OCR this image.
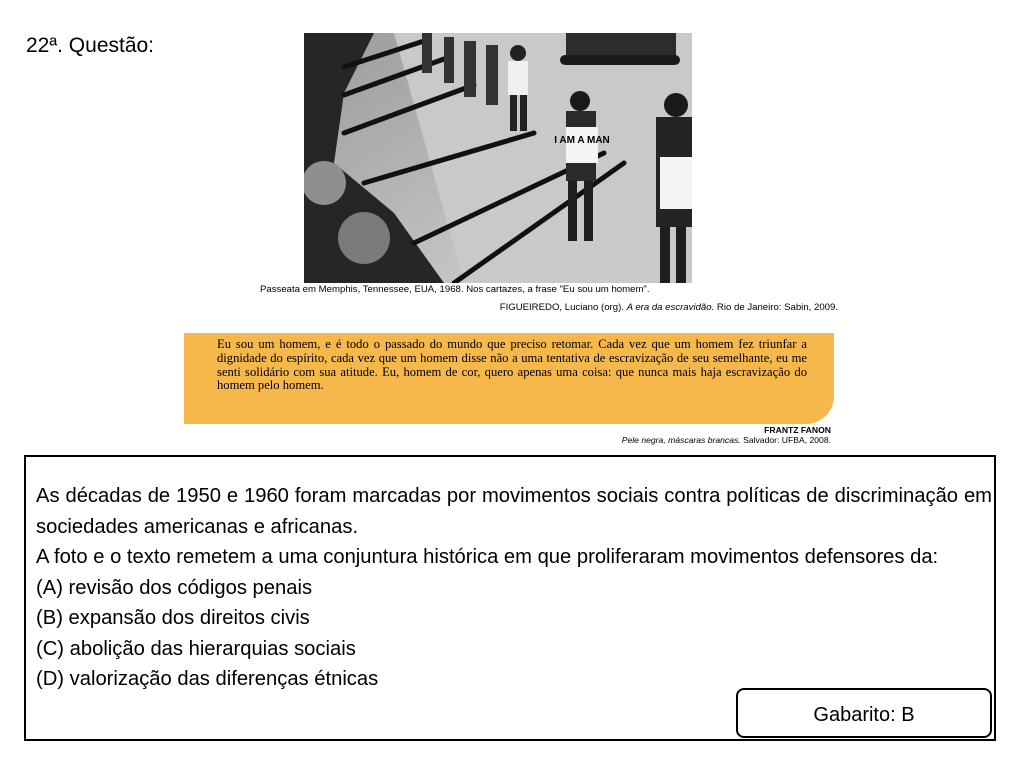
22ª. Questão:
I AM A MAN
Passeata em Memphis, Tennessee, EUA, 1968. Nos cartazes, a frase "Eu sou um homem".
FIGUEIREDO, Luciano (org). A era da escravidão. Rio de Janeiro: Sabin, 2009.
Eu sou um homem, e é todo o passado do mundo que preciso retomar. Cada vez que um homem fez triunfar a dignidade do espírito, cada vez que um homem disse não a uma tentativa de escravização de seu semelhante, eu me senti solidário com sua atitude. Eu, homem de cor, quero apenas uma coisa: que nunca mais haja escravização do homem pelo homem.
FRANTZ FANON
Pele negra, máscaras brancas. Salvador: UFBA, 2008.

As décadas de 1950 e 1960 foram marcadas por movimentos sociais contra políticas de discriminação em sociedades americanas e africanas.

A foto e o texto remetem a uma conjuntura histórica em que proliferaram movimentos defensores da:

(A) revisão dos códigos penais

(B) expansão dos direitos civis

(C) abolição das hierarquias sociais

(D) valorização das diferenças étnicas

Gabarito: B
